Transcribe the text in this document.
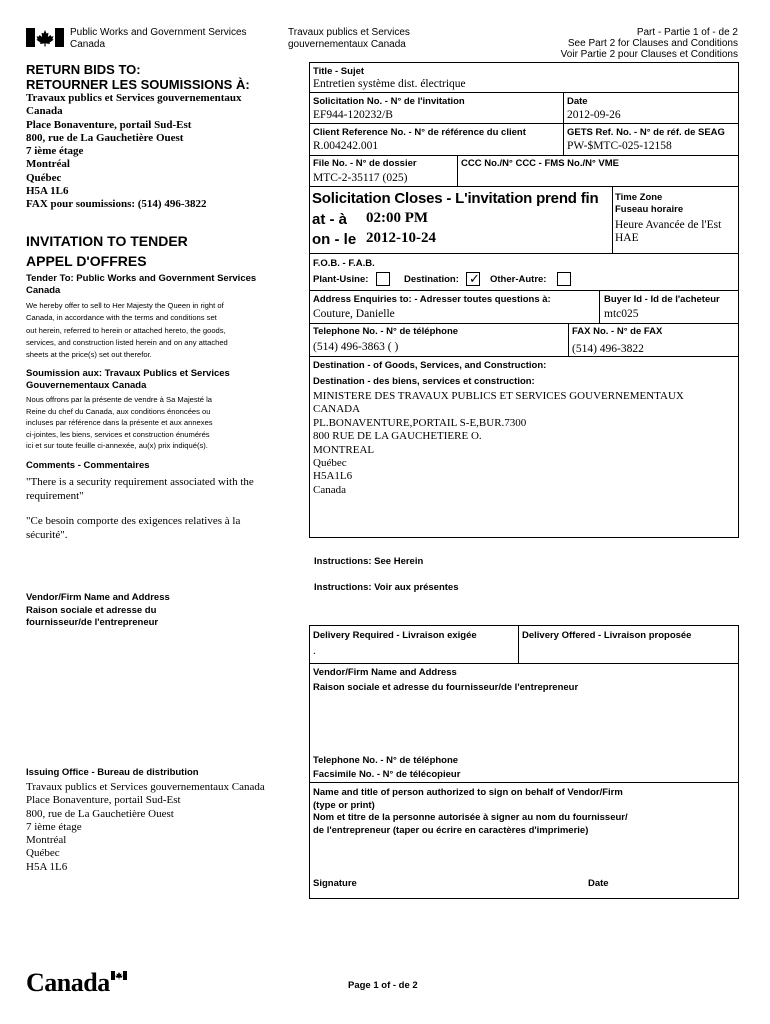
Public Works and Government Services
Canada
Travaux publics et Services
gouvernementaux Canada
Part - Partie 1 of - de 2
See Part 2 for Clauses and Conditions
Voir Partie 2 pour Clauses et Conditions
RETURN BIDS TO:
RETOURNER LES SOUMISSIONS À:
Travaux publics et Services gouvernementaux
Canada
Place Bonaventure, portail Sud-Est
800, rue de La Gauchetière Ouest
7 ième étage
Montréal
Québec
H5A 1L6
FAX pour soumissions: (514) 496-3822
INVITATION TO TENDER
APPEL D'OFFRES
Tender To: Public Works and Government Services
Canada
We hereby offer to sell to Her Majesty the Queen in right of
Canada, in accordance with the terms and conditions set
out herein, referred to herein or attached hereto, the goods,
services, and construction listed herein and on any attached
sheets at the price(s) set out therefor.
Soumission aux: Travaux Publics et Services
Gouvernementaux Canada
Nous offrons par la présente de vendre à Sa Majesté la
Reine du chef du Canada, aux conditions énoncées ou
incluses par référence dans la présente et aux annexes
ci-jointes, les biens, services et construction énumérés
ici et sur toute feuille ci-annexée, au(x) prix indiqué(s).
Comments - Commentaires
"There is a security requirement associated with the
requirement"
"Ce besoin comporte des exigences relatives à la
sécurité".
Vendor/Firm Name and Address
Raison sociale et adresse du
fournisseur/de l'entrepreneur
Issuing Office - Bureau de distribution
Travaux publics et Services gouvernementaux Canada
Place Bonaventure, portail Sud-Est
800, rue de La Gauchetière Ouest
7 ième étage
Montréal
Québec
H5A 1L6
Title - Sujet
Entretien système dist. électrique
Solicitation No. - N° de l'invitation
EF944-120232/B
Date
2012-09-26
Client Reference No. - N° de référence du client
R.004242.001
GETS Ref. No. - N° de réf. de SEAG
PW-$MTC-025-12158
File No. - N° de dossier
MTC-2-35117 (025)
CCC No./N° CCC - FMS No./N° VME
Solicitation Closes - L'invitation prend fin
at - à 02:00 PM
on - le 2012-10-24
Time Zone
Fuseau horaire
Heure Avancée de l'Est
HAE
F.O.B. - F.A.B.
Plant-Usine:	Destination: ✓ Other-Autre:
Address Enquiries to: - Adresser toutes questions à:
Couture, Danielle
Buyer Id - Id de l'acheteur
mtc025
Telephone No. - N° de téléphone
(514) 496-3863 ( )
FAX No. - N° de FAX
(514) 496-3822
Destination - of Goods, Services, and Construction:
Destination - des biens, services et construction:
MINISTERE DES TRAVAUX PUBLICS ET SERVICES GOUVERNEMENTAUX
CANADA
PL.BONAVENTURE,PORTAIL S-E,BUR.7300
800 RUE DE LA GAUCHETIERE O.
MONTREAL
Québec
H5A1L6
Canada
Instructions: See Herein
Instructions: Voir aux présentes
Delivery Required - Livraison exigée
.
Delivery Offered - Livraison proposée
Vendor/Firm Name and Address
Raison sociale et adresse du fournisseur/de l'entrepreneur
Telephone No. - N° de téléphone
Facsimile No. - N° de télécopieur
Name and title of person authorized to sign on behalf of Vendor/Firm
(type or print)
Nom et titre de la personne autorisée à signer au nom du fournisseur/
de l'entrepreneur (taper ou écrire en caractères d'imprimerie)
Signature	Date
Canada	Page 1 of - de 2
